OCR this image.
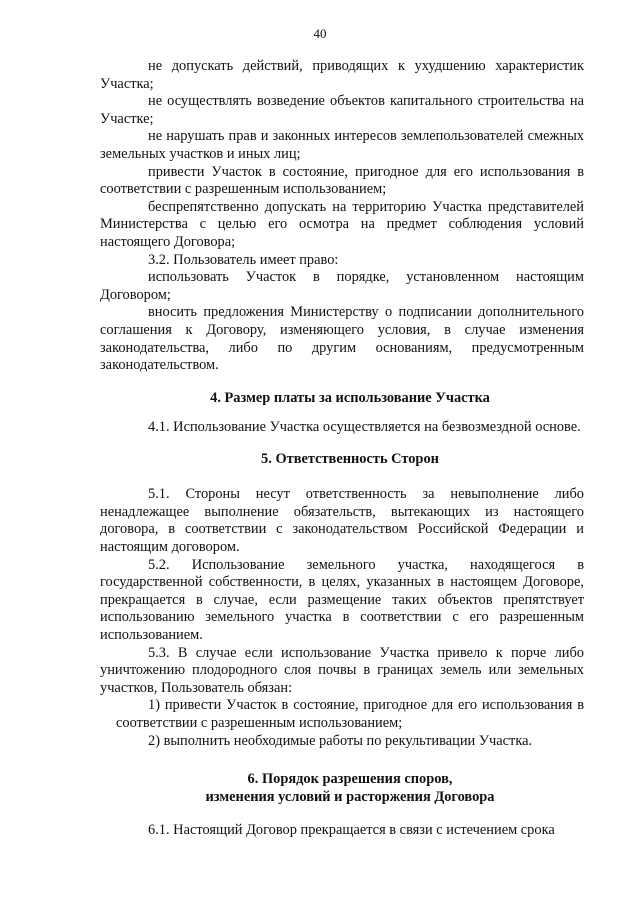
40

не допускать действий, приводящих к ухудшению характеристик Участка;

не осуществлять возведение объектов капитального строительства на Участке;

не нарушать прав и законных интересов землепользователей смежных земельных участков и иных лиц;

привести Участок в состояние, пригодное для его использования в соответствии с разрешенным использованием;

беспрепятственно допускать на территорию Участка представителей Министерства с целью его осмотра на предмет соблюдения условий настоящего Договора;

3.2. Пользователь имеет право:

использовать Участок в порядке, установленном настоящим Договором;

вносить предложения Министерству о подписании дополнительного соглашения к Договору, изменяющего условия, в случае изменения законодательства, либо по другим основаниям, предусмотренным законодательством.

4. Размер платы за использование Участка

4.1. Использование Участка осуществляется на безвозмездной основе.

5. Ответственность Сторон

5.1. Стороны несут ответственность за невыполнение либо ненадлежащее выполнение обязательств, вытекающих из настоящего договора, в соответствии с законодательством Российской Федерации и настоящим договором.

5.2. Использование земельного участка, находящегося в государственной собственности, в целях, указанных в настоящем Договоре, прекращается в случае, если размещение таких объектов препятствует использованию земельного участка в соответствии с его разрешенным использованием.

5.3. В случае если использование Участка привело к порче либо уничтожению плодородного слоя почвы в границах земель или земельных участков, Пользователь обязан:

1) привести Участок в состояние, пригодное для его использования в соответствии с разрешенным использованием;

2) выполнить необходимые работы по рекультивации Участка.

6. Порядок разрешения споров,

изменения условий и расторжения Договора

6.1. Настоящий Договор прекращается в связи с истечением срока
